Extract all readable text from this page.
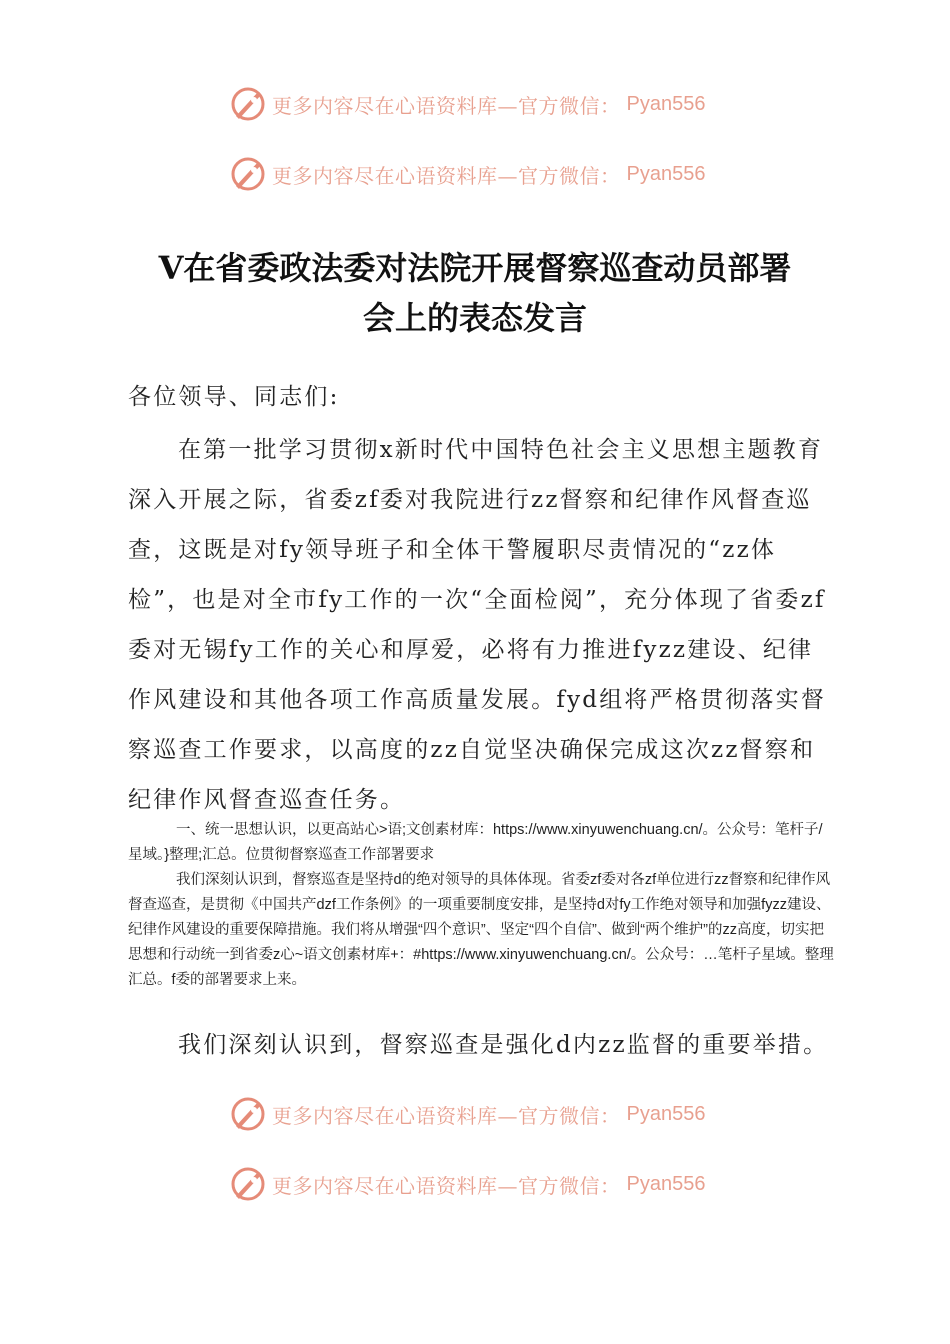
更多内容尽在心语资料库—官方微信： Pyan556
更多内容尽在心语资料库—官方微信： Pyan556
V在省委政法委对法院开展督察巡查动员部署
会上的表态发言
各位领导、同志们:
在第一批学习贯彻x新时代中国特色社会主义思想主题教育深入开展之际，省委zf委对我院进行zz督察和纪律作风督查巡查，这既是对fy领导班子和全体干警履职尽责情况的“zz体检”，也是对全市fy工作的一次“全面检阅”，充分体现了省委zf委对无锡fy工作的关心和厚爱，必将有力推进fyzz建设、纪律作风建设和其他各项工作高质量发展。fyd组将严格贯彻落实督察巡查工作要求，以高度的zz自觉坚决确保完成这次zz督察和纪律作风督查巡查任务。
一、统一思想认识，以更高站心>语;文创素材库：https://www.xinyuwenchuang.cn/。公众号：笔杆子/星域。}整理;汇总。位贯彻督察巡查工作部署要求
我们深刻认识到，督察巡查是坚持d的绝对领导的具体体现。省委zf委对各zf单位进行zz督察和纪律作风督查巡查，是贯彻《中国共产dzf工作条例》的一项重要制度安排，是坚持d对fy工作绝对领导和加强fyzz建设、纪律作风建设的重要保障措施。我们将从增强“四个意识”、坚定“四个自信”、做到“两个维护”的zz高度，切实把思想和行动统一到省委z心~语文创素材库+：#https://www.xinyuwenchuang.cn/。公众号：…笔杆子星域。整理汇总。f委的部署要求上来。
我们深刻认识到，督察巡查是强化d内zz监督的重要举措。
更多内容尽在心语资料库—官方微信： Pyan556
更多内容尽在心语资料库—官方微信： Pyan556
